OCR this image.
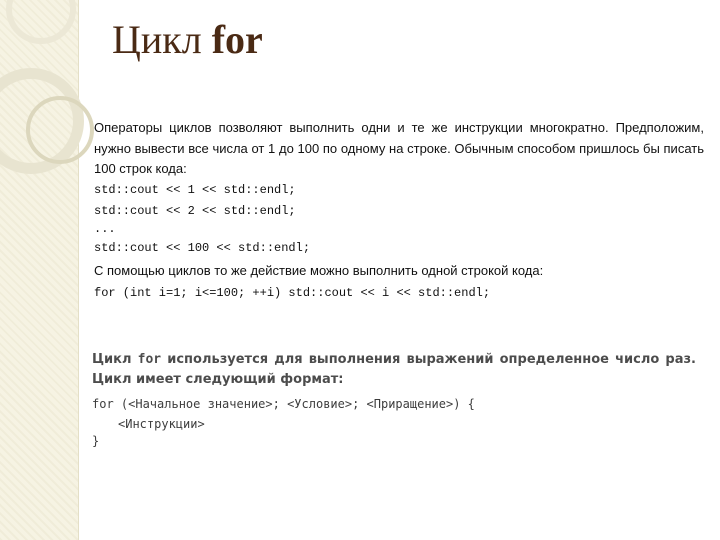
Цикл for
Операторы циклов позволяют выполнить одни и те же инструкции многократно. Предположим, нужно вывести все числа от 1 до 100 по одному на строке. Обычным способом пришлось бы писать 100 строк кода:
std::cout << 1 << std::endl;
std::cout << 2 << std::endl;
...
std::cout << 100 << std::endl;
С помощью циклов то же действие можно выполнить одной строкой кода:
for (int i=1; i<=100; ++i) std::cout << i << std::endl;
Цикл for используется для выполнения выражений определенное число раз. Цикл имеет следующий формат:
for (<Начальное значение>; <Условие>; <Приращение>) {
<Инструкции>
}
